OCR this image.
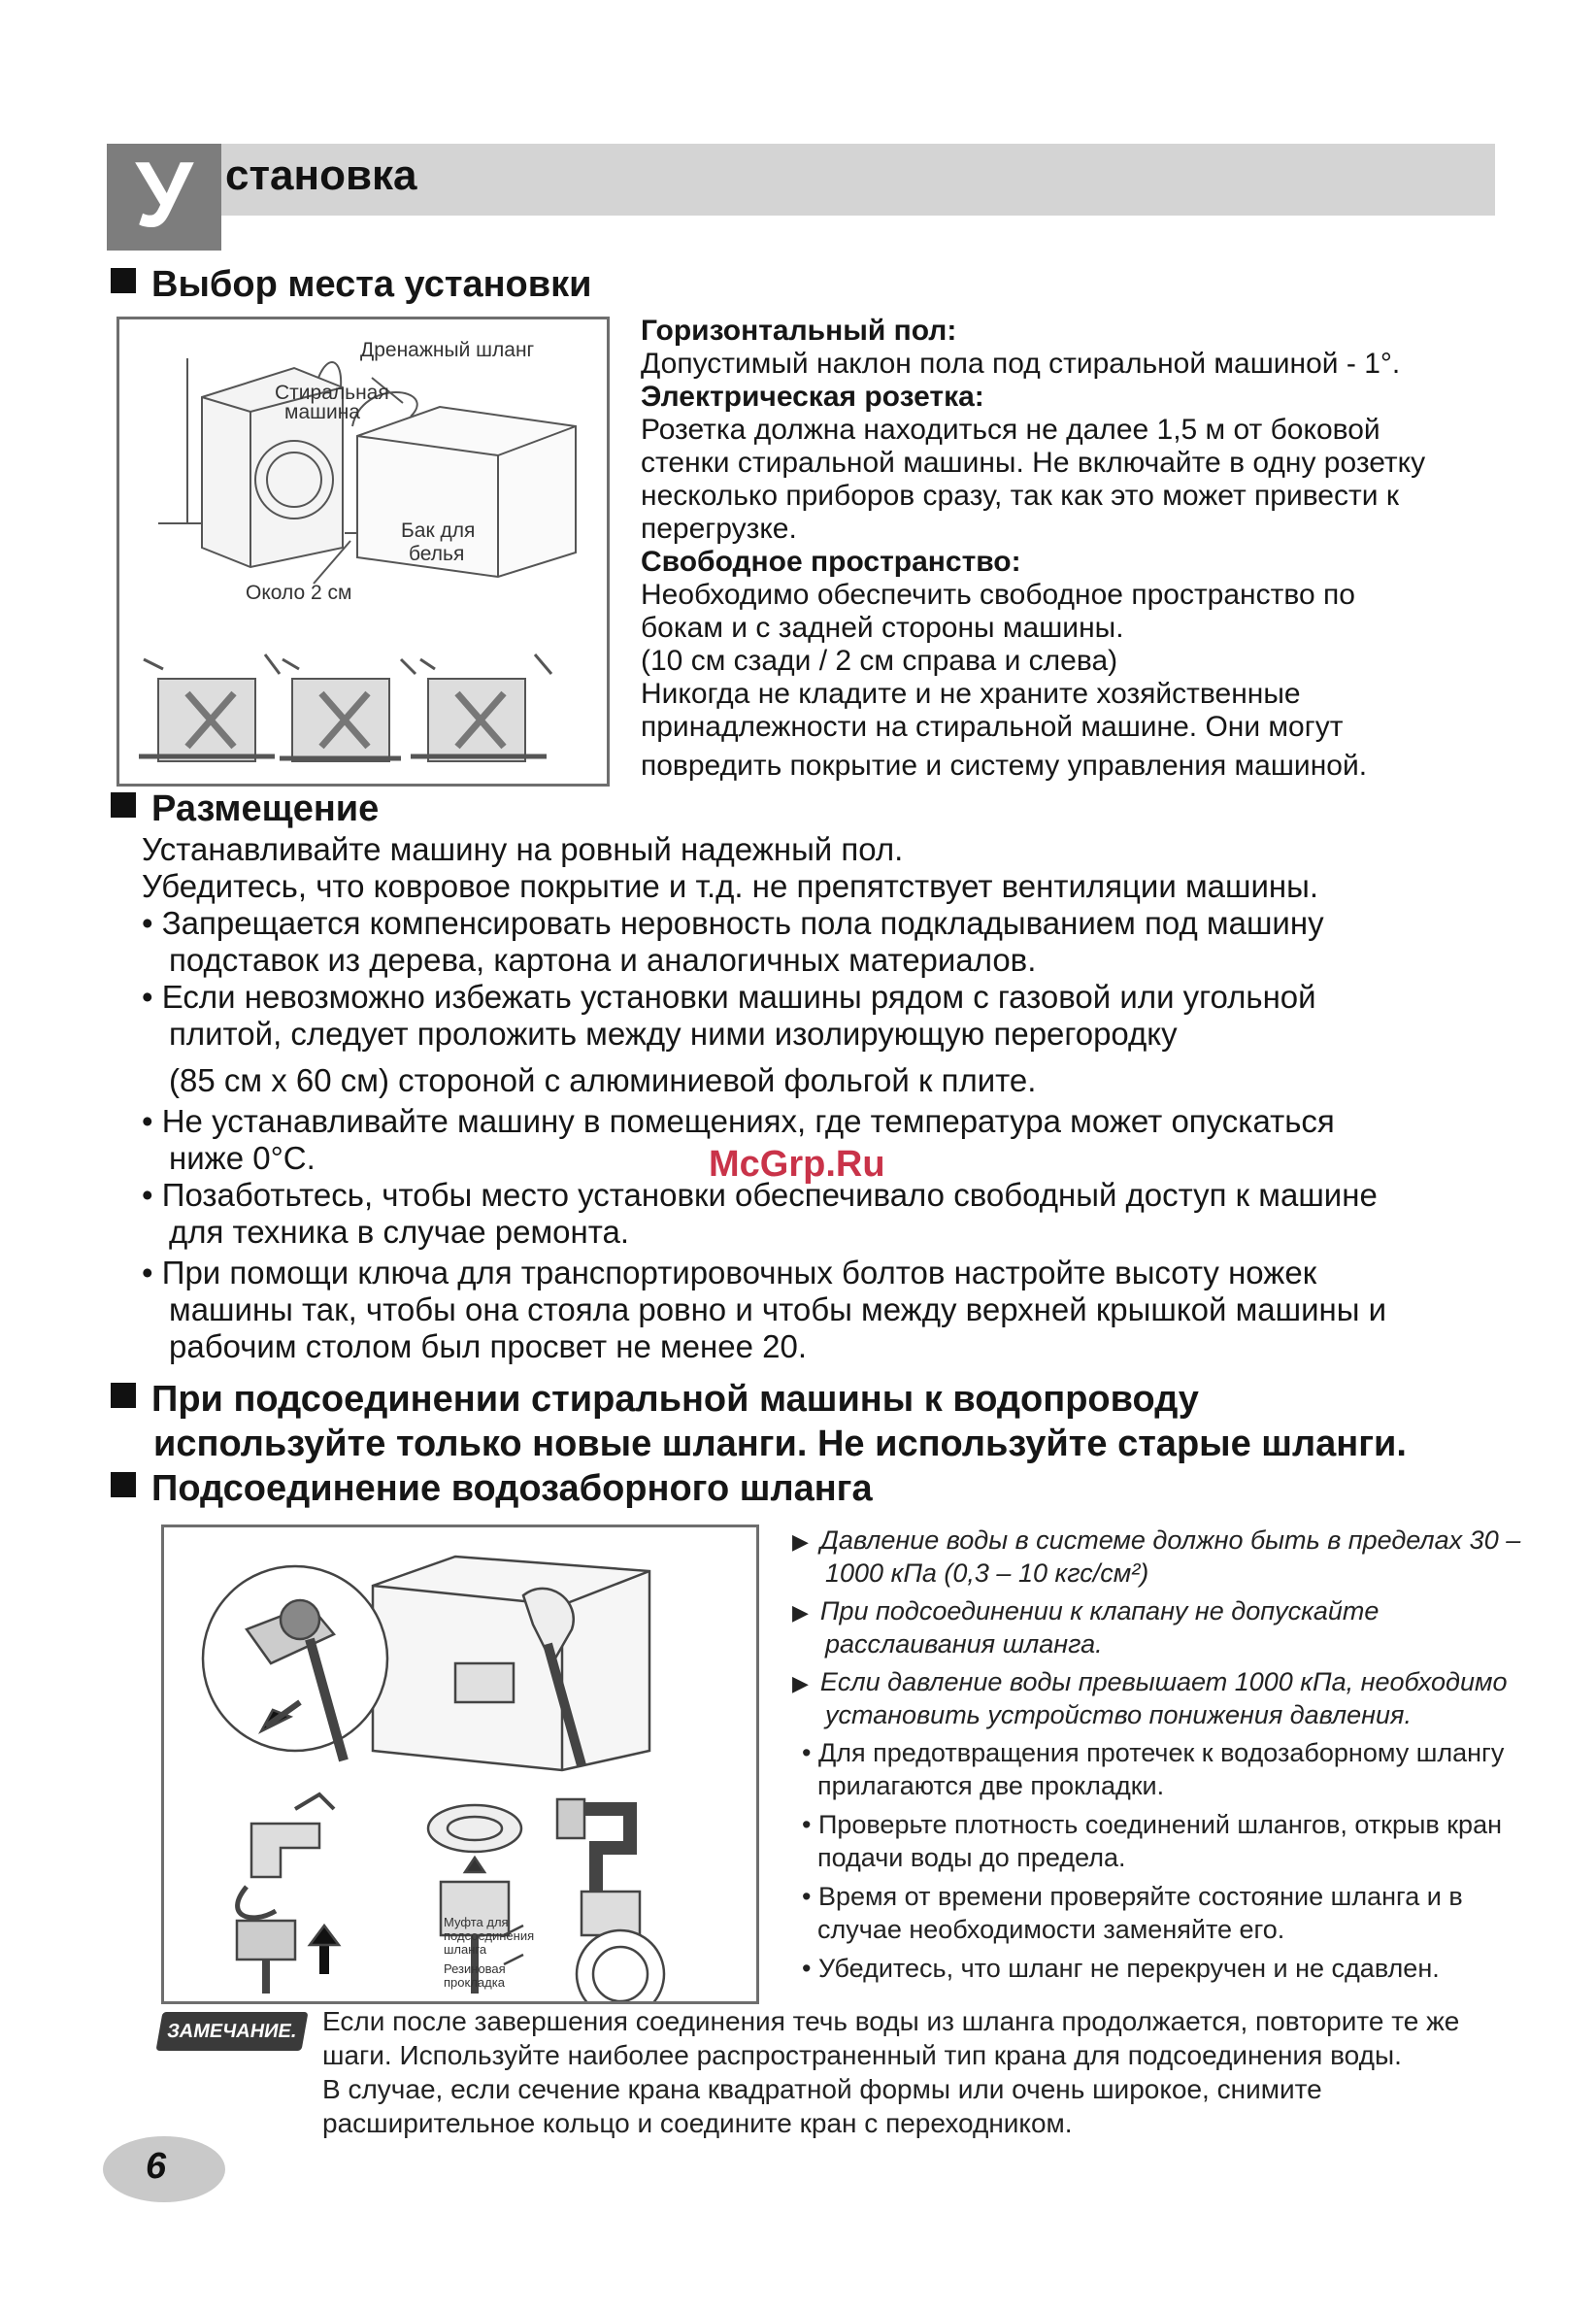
У становка
Выбор места установки
Дренажный шланг
Стиральная
машина
Бак для
белья
Около 2 см
Горизонтальный пол:
Допустимый наклон пола под стиральной машиной - 1°.
Электрическая розетка:
Розетка должна находиться не далее 1,5 м от боковой
стенки стиральной машины. Не включайте в одну розетку
несколько приборов сразу, так как это может привести к
перегрузке.
Свободное пространство:
Необходимо обеспечить свободное пространство по
бокам и с задней стороны машины.
(10 см сзади / 2 см справа и слева)
Никогда не кладите и не храните хозяйственные
принадлежности на стиральной машине. Они могут
повредить покрытие и систему управления машиной.
Размещение
Устанавливайте машину на ровный надежный пол.
Убедитесь, что ковровое покрытие и т.д. не препятствует вентиляции машины.
• Запрещается компенсировать неровность пола подкладыванием под машину
подставок из дерева, картона и аналогичных материалов.
• Если невозможно избежать установки машины рядом с газовой или угольной
плитой, следует проложить между ними изолирующую перегородку
(85 см x 60 см) стороной с алюминиевой фольгой к плите.
• Не устанавливайте машину в помещениях, где температура может опускаться
ниже 0°C.
• Позаботьтесь, чтобы место установки обеспечивало свободный доступ к машине
для техника в случае ремонта.
• При помощи ключа для транспортировочных болтов настройте высоту ножек
машины так, чтобы она стояла ровно и чтобы между верхней крышкой машины и
рабочим столом был просвет не менее 20.
McGrp.Ru
При подсоединении стиральной машины к водопроводу
используйте только новые шланги. Не используйте старые шланги.
Подсоединение водозаборного шланга
Муфта для
подсоединения
шланга
Резиновая
прокладка
▶ Давление воды в системе должно быть в пределах 30 –
1000 кПа (0,3 – 10 кгс/см²)
▶ При подсоединении к клапану не допускайте
расслаивания шланга.
▶ Если давление воды превышает 1000 кПа, необходимо
установить устройство понижения давления.
• Для предотвращения протечек к водозаборному шлангу
прилагаются две прокладки.
• Проверьте плотность соединений шлангов, открыв кран
подачи воды до предела.
• Время от времени проверяйте состояние шланга и в
случае необходимости заменяйте его.
• Убедитесь, что шланг не перекручен и не сдавлен.
ЗАМЕЧАНИЕ. Если после завершения соединения течь воды из шланга продолжается, повторите те же
шаги. Используйте наиболее распространенный тип крана для подсоединения воды.
В случае, если сечение крана квадратной формы или очень широкое, снимите
расширительное кольцо и соедините кран с переходником.
6
